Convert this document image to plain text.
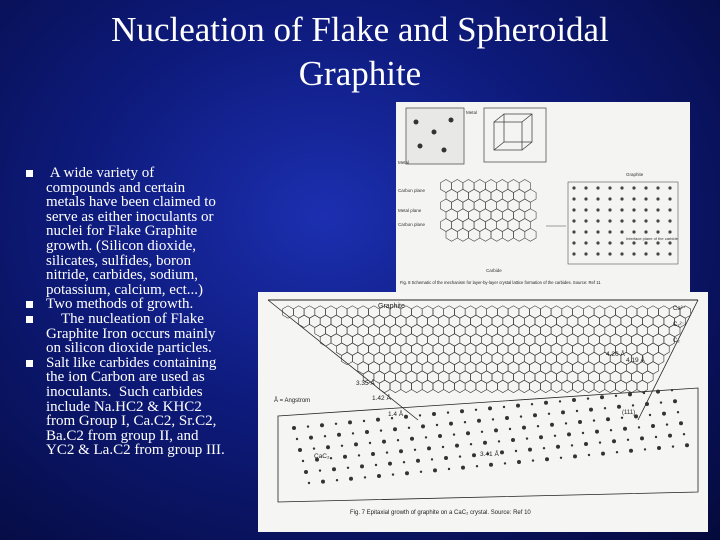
Nucleation of Flake and Spheroidal
Graphite
A wide variety of
compounds and certain
metals have been claimed to
serve as either inoculants or
nuclei for Flake Graphite
growth. (Silicon dioxide,
silicates, sulfides, boron
nitride, carbides, sodium,
potassium, calcium, ect...)
Two methods of growth.
The nucleation of Flake
Graphite Iron occurs mainly
on silicon dioxide particles.
Salt like carbides containing
the ion Carbon are used as
inoculants.  Such carbides
include Na.HC2 & KHC2
from Group I, Ca.C2, Sr.C2,
Ba.C2 from group II, and
YC2 & La.C2 from group III.
Metal
Metal
Graphite
Carbon plane
Metal plane
Carbon plane
Interface plane of the carbide
Carbide
Fig. 8 Schematic of the mechanism for layer-by-layer crystal lattice formation of the carbides. Source: Ref 11
Graphite	Ca²⁺
C₂²⁻
C₂
4.26 Å
4.19 Å
3.35 Å
1.42 Å
1.4 Å
3.41 Å
Å = Angstrom
CaC₂
(111)
Fig. 7 Epitaxial growth of graphite on a CaC₂ crystal. Source: Ref 10
